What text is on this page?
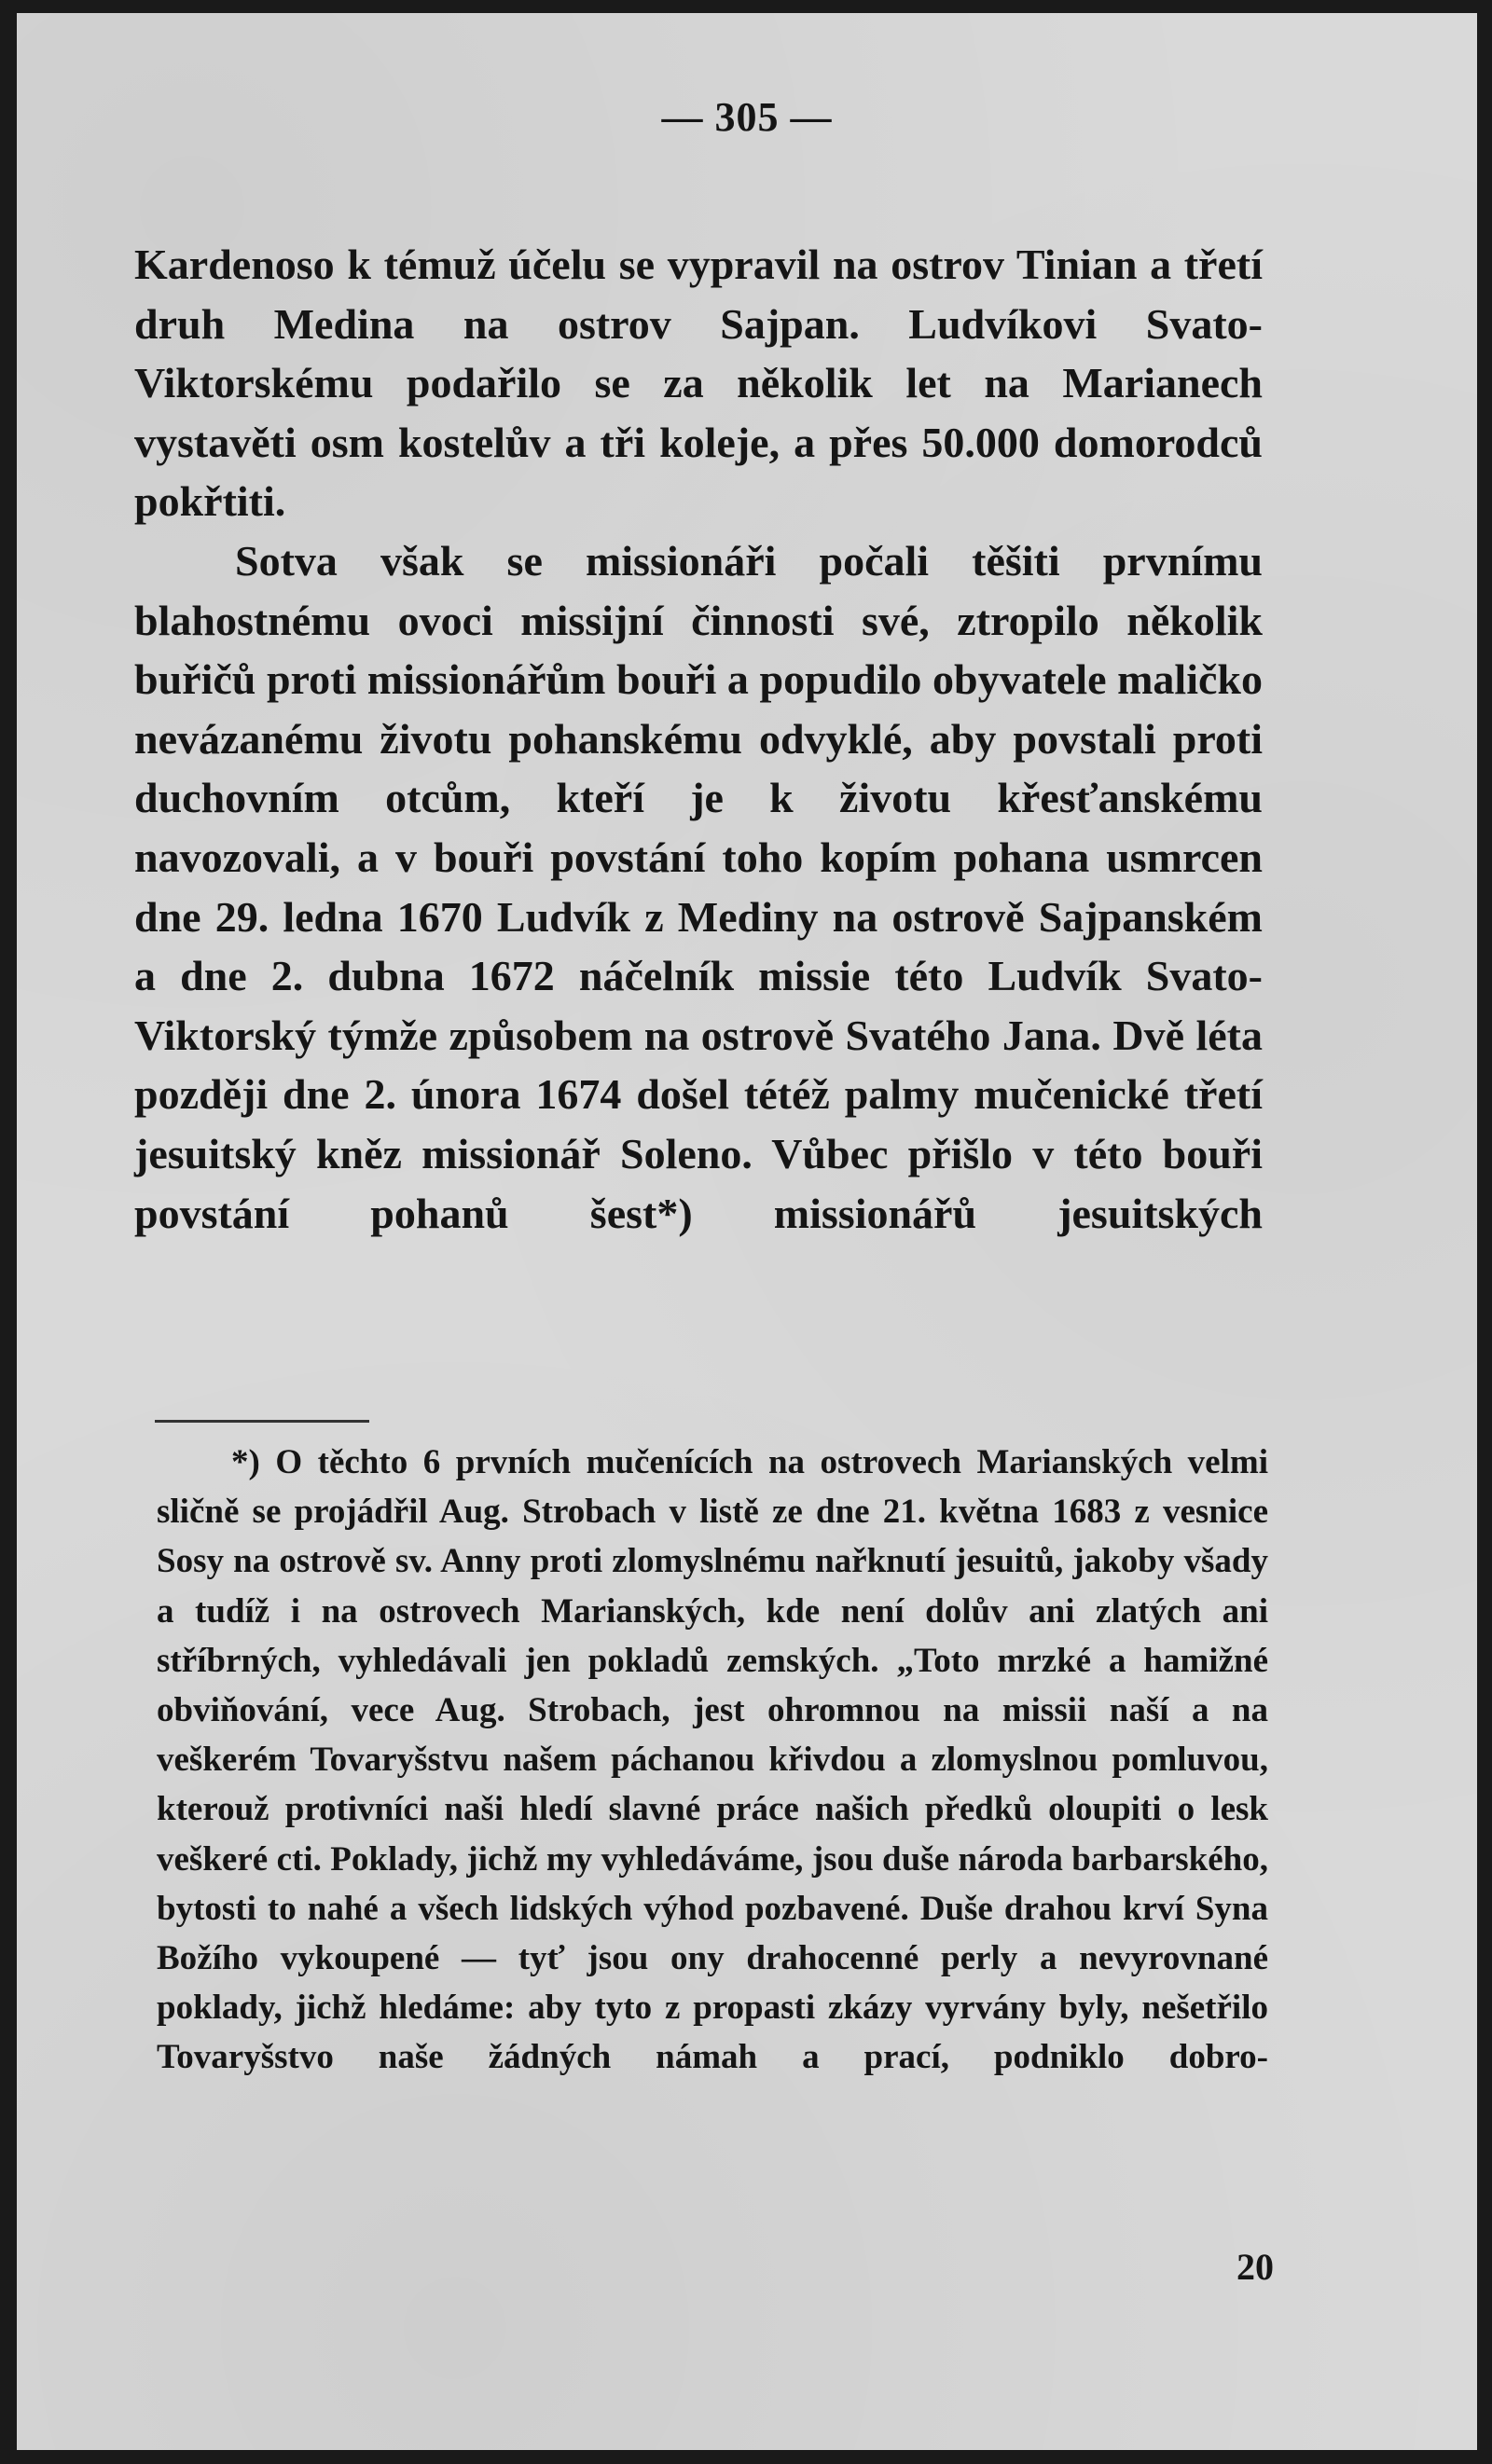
— 305 —

Kardenoso k témuž účelu se vypravil na ostrov Tinian a třetí druh Medina na ostrov Sajpan. Ludvíkovi Svato-Viktorskému podařilo se za několik let na Marianech vystavěti osm kostelův a tři koleje, a přes 50.000 domorodců pokřtiti.

Sotva však se missionáři počali těšiti prvnímu blahostnému ovoci missijní činnosti své, ztropilo několik buřičů proti missionářům bouři a popudilo obyvatele maličko nevázanému životu pohanskému odvyklé, aby povstali proti duchovním otcům, kteří je k životu křesťanskému navozovali, a v bouři povstání toho kopím pohana usmrcen dne 29. ledna 1670 Ludvík z Mediny na ostrově Sajpanském a dne 2. dubna 1672 náčelník missie této Ludvík Svato-Viktorský týmže způsobem na ostrově Svatého Jana. Dvě léta později dne 2. února 1674 došel tétéž palmy mučenické třetí jesuitský kněz missionář Soleno. Vůbec přišlo v této bouři povstání pohanů šest*) missionářů jesuitských

*) O těchto 6 prvních mučenících na ostrovech Marianských velmi sličně se projádřil Aug. Strobach v listě ze dne 21. května 1683 z vesnice Sosy na ostrově sv. Anny proti zlomyslnému nařknutí jesuitů, jakoby všady a tudíž i na ostrovech Marianských, kde není dolův ani zlatých ani stříbrných, vyhledávali jen pokladů zemských. „Toto mrzké a hamižné obviňování, vece Aug. Strobach, jest ohromnou na missii naší a na veškerém Tovaryšstvu našem páchanou křivdou a zlomyslnou pomluvou, kterouž protivníci naši hledí slavné práce našich předků oloupiti o lesk veškeré cti. Poklady, jichž my vyhledáváme, jsou duše národa barbarského, bytosti to nahé a všech lidských výhod pozbavené. Duše drahou krví Syna Božího vykoupené — tyť jsou ony drahocenné perly a nevyrovnané poklady, jichž hledáme: aby tyto z propasti zkázy vyrvány byly, nešetřilo Tovaryšstvo naše žádných námah a prací, podniklo dobro-

20
